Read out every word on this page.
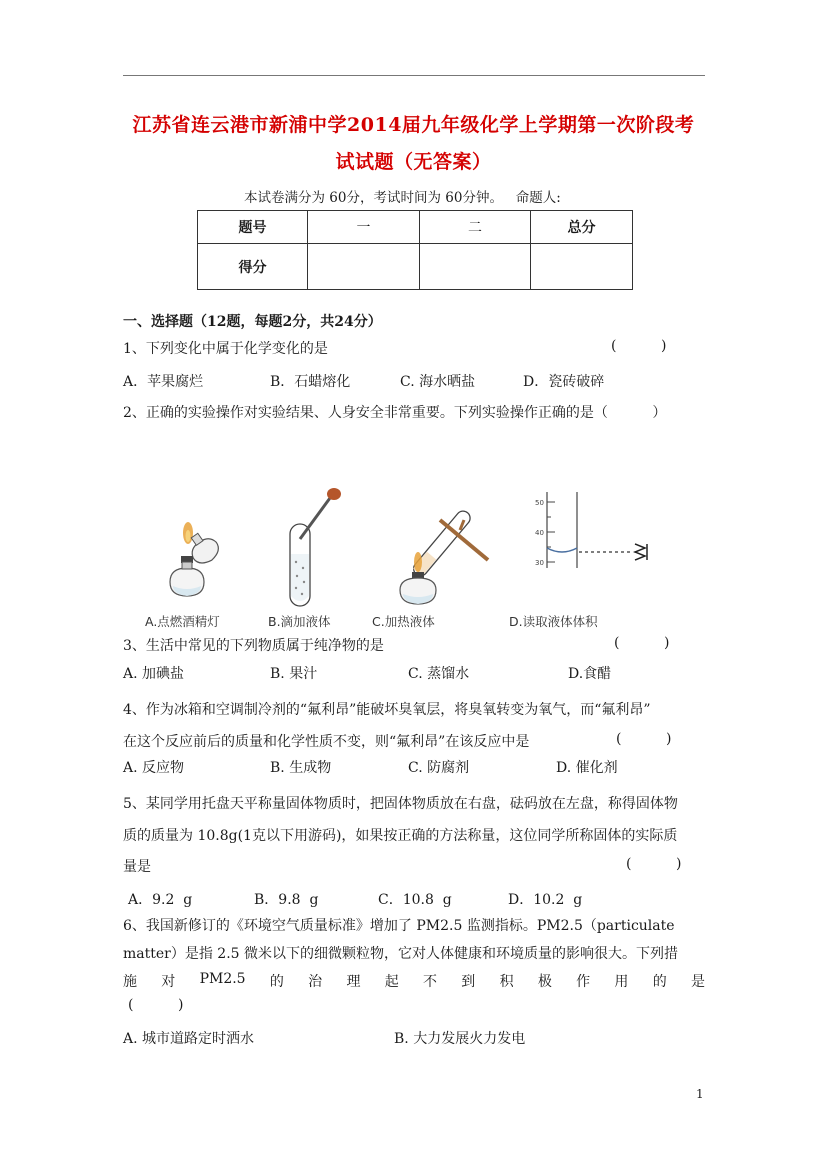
江苏省连云港市新浦中学2014届九年级化学上学期第一次阶段考
试试题（无答案）
本试卷满分为 60分，考试时间为 60分钟。   命题人:
题号	一	二	总分
得分			
一、选择题（12题，每题2分，共24分）
1、下列变化中属于化学变化的是	(          )
A．苹果腐烂	B．石蜡熔化	C. 海水晒盐	D．瓷砖破碎
2、正确的实验操作对实验结果、人身安全非常重要。下列实验操作正确的是（          ）
50
40
30
A.点燃酒精灯	B.滴加液体	C.加热液体	D.读取液体体积
3、生活中常见的下列物质属于纯净物的是	(          )
A. 加碘盐	B. 果汁	C. 蒸馏水	D.食醋
4、作为冰箱和空调制冷剂的“氟利昂”能破坏臭氧层，将臭氧转变为氧气，而“氟利昂”
在这个反应前后的质量和化学性质不变，则“氟利昂”在该反应中是	(          )
A. 反应物	B. 生成物	C. 防腐剂	D. 催化剂
5、某同学用托盘天平称量固体物质时，把固体物质放在右盘，砝码放在左盘，称得固体物
质的质量为 10.8g(1克以下用游码)，如果按正确的方法称量，这位同学所称固体的实际质
量是	(          )
A．9.2  g	B．9.8  g	C．10.8  g	D．10.2  g
6、我国新修订的《环境空气质量标准》增加了 PM2.5 监测指标。PM2.5（particulate
matter）是指 2.5 微米以下的细微颗粒物，它对人体健康和环境质量的影响很大。下列措
施 对 PM2.5 的 治 理 起 不 到 积 极 作 用 的 是
(          )
A. 城市道路定时洒水	B. 大力发展火力发电
1
